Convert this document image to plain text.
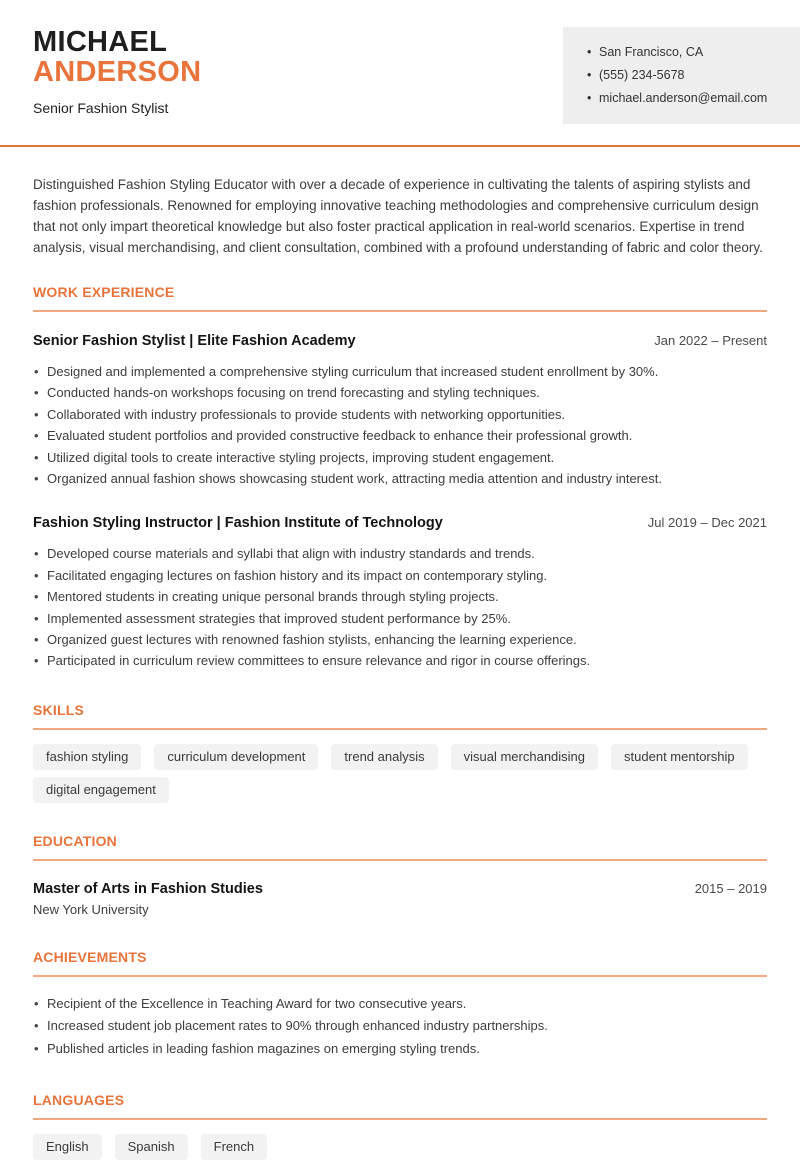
MICHAEL
ANDERSON
Senior Fashion Stylist
• San Francisco, CA
• (555) 234-5678
• michael.anderson@email.com

Distinguished Fashion Styling Educator with over a decade of experience in cultivating the talents of aspiring stylists and fashion professionals. Renowned for employing innovative teaching methodologies and comprehensive curriculum design that not only impart theoretical knowledge but also foster practical application in real-world scenarios. Expertise in trend analysis, visual merchandising, and client consultation, combined with a profound understanding of fabric and color theory.

WORK EXPERIENCE
Senior Fashion Stylist | Elite Fashion Academy	Jan 2022 – Present
• Designed and implemented a comprehensive styling curriculum that increased student enrollment by 30%.
• Conducted hands-on workshops focusing on trend forecasting and styling techniques.
• Collaborated with industry professionals to provide students with networking opportunities.
• Evaluated student portfolios and provided constructive feedback to enhance their professional growth.
• Utilized digital tools to create interactive styling projects, improving student engagement.
• Organized annual fashion shows showcasing student work, attracting media attention and industry interest.
Fashion Styling Instructor | Fashion Institute of Technology	Jul 2019 – Dec 2021
• Developed course materials and syllabi that align with industry standards and trends.
• Facilitated engaging lectures on fashion history and its impact on contemporary styling.
• Mentored students in creating unique personal brands through styling projects.
• Implemented assessment strategies that improved student performance by 25%.
• Organized guest lectures with renowned fashion stylists, enhancing the learning experience.
• Participated in curriculum review committees to ensure relevance and rigor in course offerings.
SKILLS
fashion styling	curriculum development	trend analysis	visual merchandising	student mentorship
digital engagement
EDUCATION
Master of Arts in Fashion Studies
New York University
2015 – 2019
ACHIEVEMENTS
• Recipient of the Excellence in Teaching Award for two consecutive years.
• Increased student job placement rates to 90% through enhanced industry partnerships.
• Published articles in leading fashion magazines on emerging styling trends.
LANGUAGES
English	Spanish	French
